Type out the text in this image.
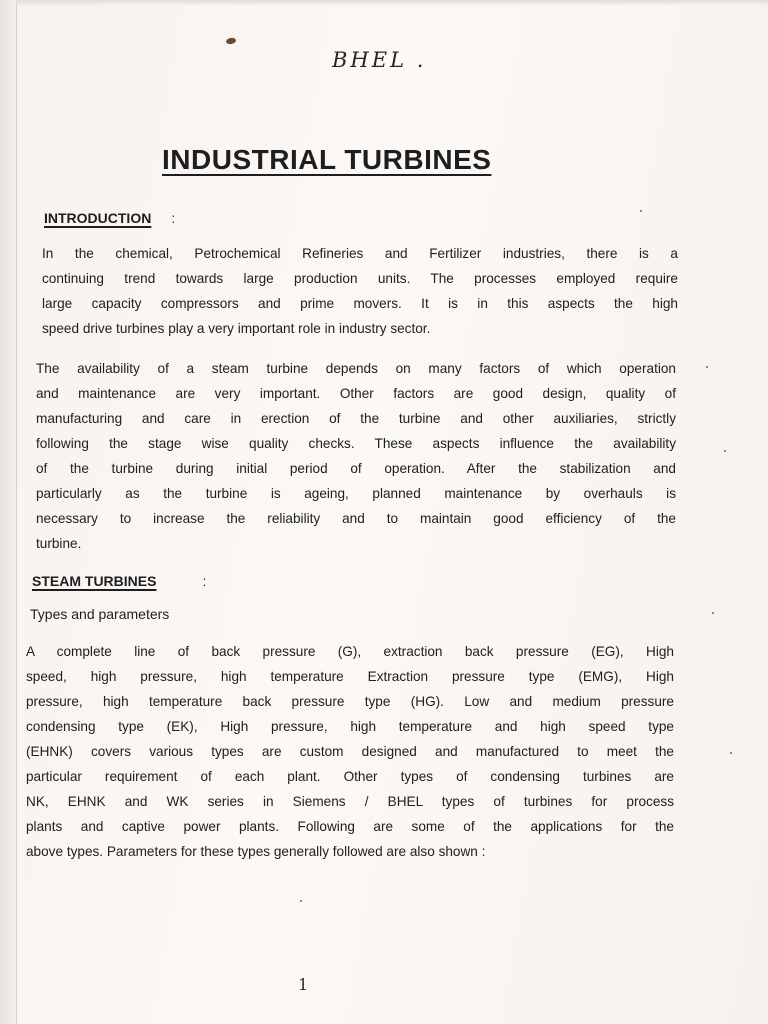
BHEL .
INDUSTRIAL TURBINES
INTRODUCTION :
In the chemical, Petrochemical Refineries and Fertilizer industries, there is a
continuing trend towards large production units. The processes employed require
large capacity compressors and prime movers. It is in this aspects the high
speed drive turbines play a very important role in industry sector.
The availability of a steam turbine depends on many factors of which operation
and maintenance are very important. Other factors are good design, quality of
manufacturing and care in erection of the turbine and other auxiliaries, strictly
following the stage wise quality checks. These aspects influence the availability
of the turbine during initial period of operation. After the stabilization and
particularly as the turbine is ageing, planned maintenance by overhauls is
necessary to increase the reliability and to maintain good efficiency of the
turbine.
STEAM TURBINES	:
Types and parameters
A complete line of back pressure (G), extraction back pressure (EG), High
speed, high pressure, high temperature Extraction pressure type (EMG), High
pressure, high temperature back pressure type (HG). Low and medium pressure
condensing type (EK), High pressure, high temperature and high speed type
(EHNK) covers various types are custom designed and manufactured to meet the
particular requirement of each plant. Other types of condensing turbines are
NK, EHNK and WK series in Siemens / BHEL types of turbines for process
plants and captive power plants. Following are some of the applications for the
above types. Parameters for these types generally followed are also shown :
1
